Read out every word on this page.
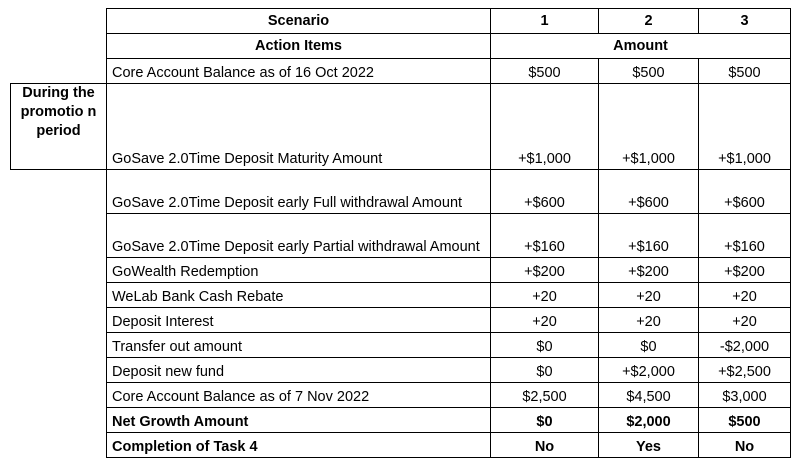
	Scenario	1	2	3
	Action Items	Amount		
	Core Account Balance as of 16 Oct 2022	$500	$500	$500
During the promotio n period	GoSave 2.0Time Deposit Maturity Amount	+$1,000	+$1,000	+$1,000
	GoSave 2.0Time Deposit early Full withdrawal Amount	+$600	+$600	+$600
	GoSave 2.0Time Deposit early Partial withdrawal Amount	+$160	+$160	+$160
	GoWealth Redemption	+$200	+$200	+$200
	WeLab Bank Cash Rebate	+20	+20	+20
	Deposit Interest	+20	+20	+20
	Transfer out amount	$0	$0	-$2,000
	Deposit new fund	$0	+$2,000	+$2,500
	Core Account Balance as of 7 Nov 2022	$2,500	$4,500	$3,000
	Net Growth Amount	$0	$2,000	$500
	Completion of Task 4	No	Yes	No
